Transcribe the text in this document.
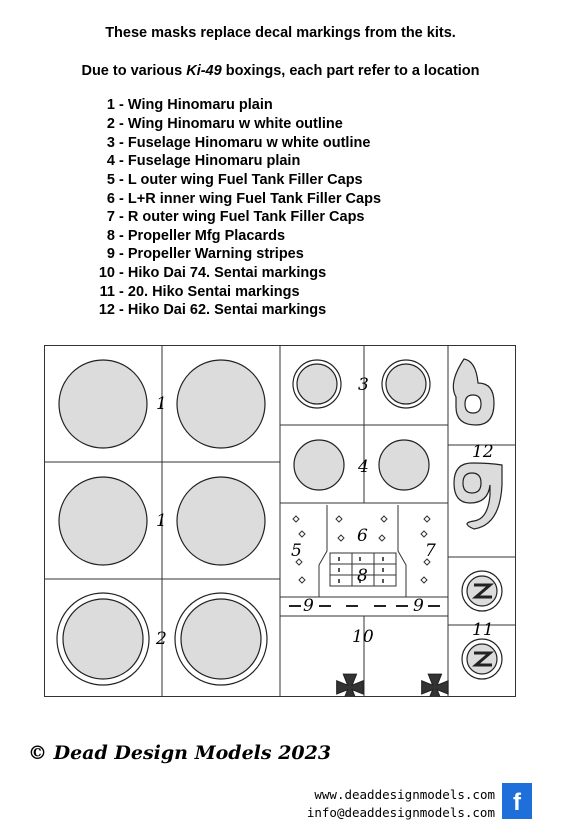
These masks replace decal markings from the kits.
Due to various Ki-49 boxings, each part refer to a location
1 - Wing Hinomaru plain
2 - Wing Hinomaru w white outline
3 - Fuselage Hinomaru w white outline
4 - Fuselage Hinomaru plain
5 - L outer wing Fuel Tank Filler Caps
6 - L+R inner wing Fuel Tank Filler Caps
7 - R outer wing Fuel Tank Filler Caps
8 - Propeller Mfg Placards
9 - Propeller Warning stripes
10 - Hiko Dai 74. Sentai markings
11 - 20. Hiko Sentai markings
12 - Hiko Dai 62. Sentai markings
1
1
2
3
4
5
6
7
8
9	9
10	11
12
© Dead Design Models 2023
www.deaddesignmodels.com
info@deaddesignmodels.com f
